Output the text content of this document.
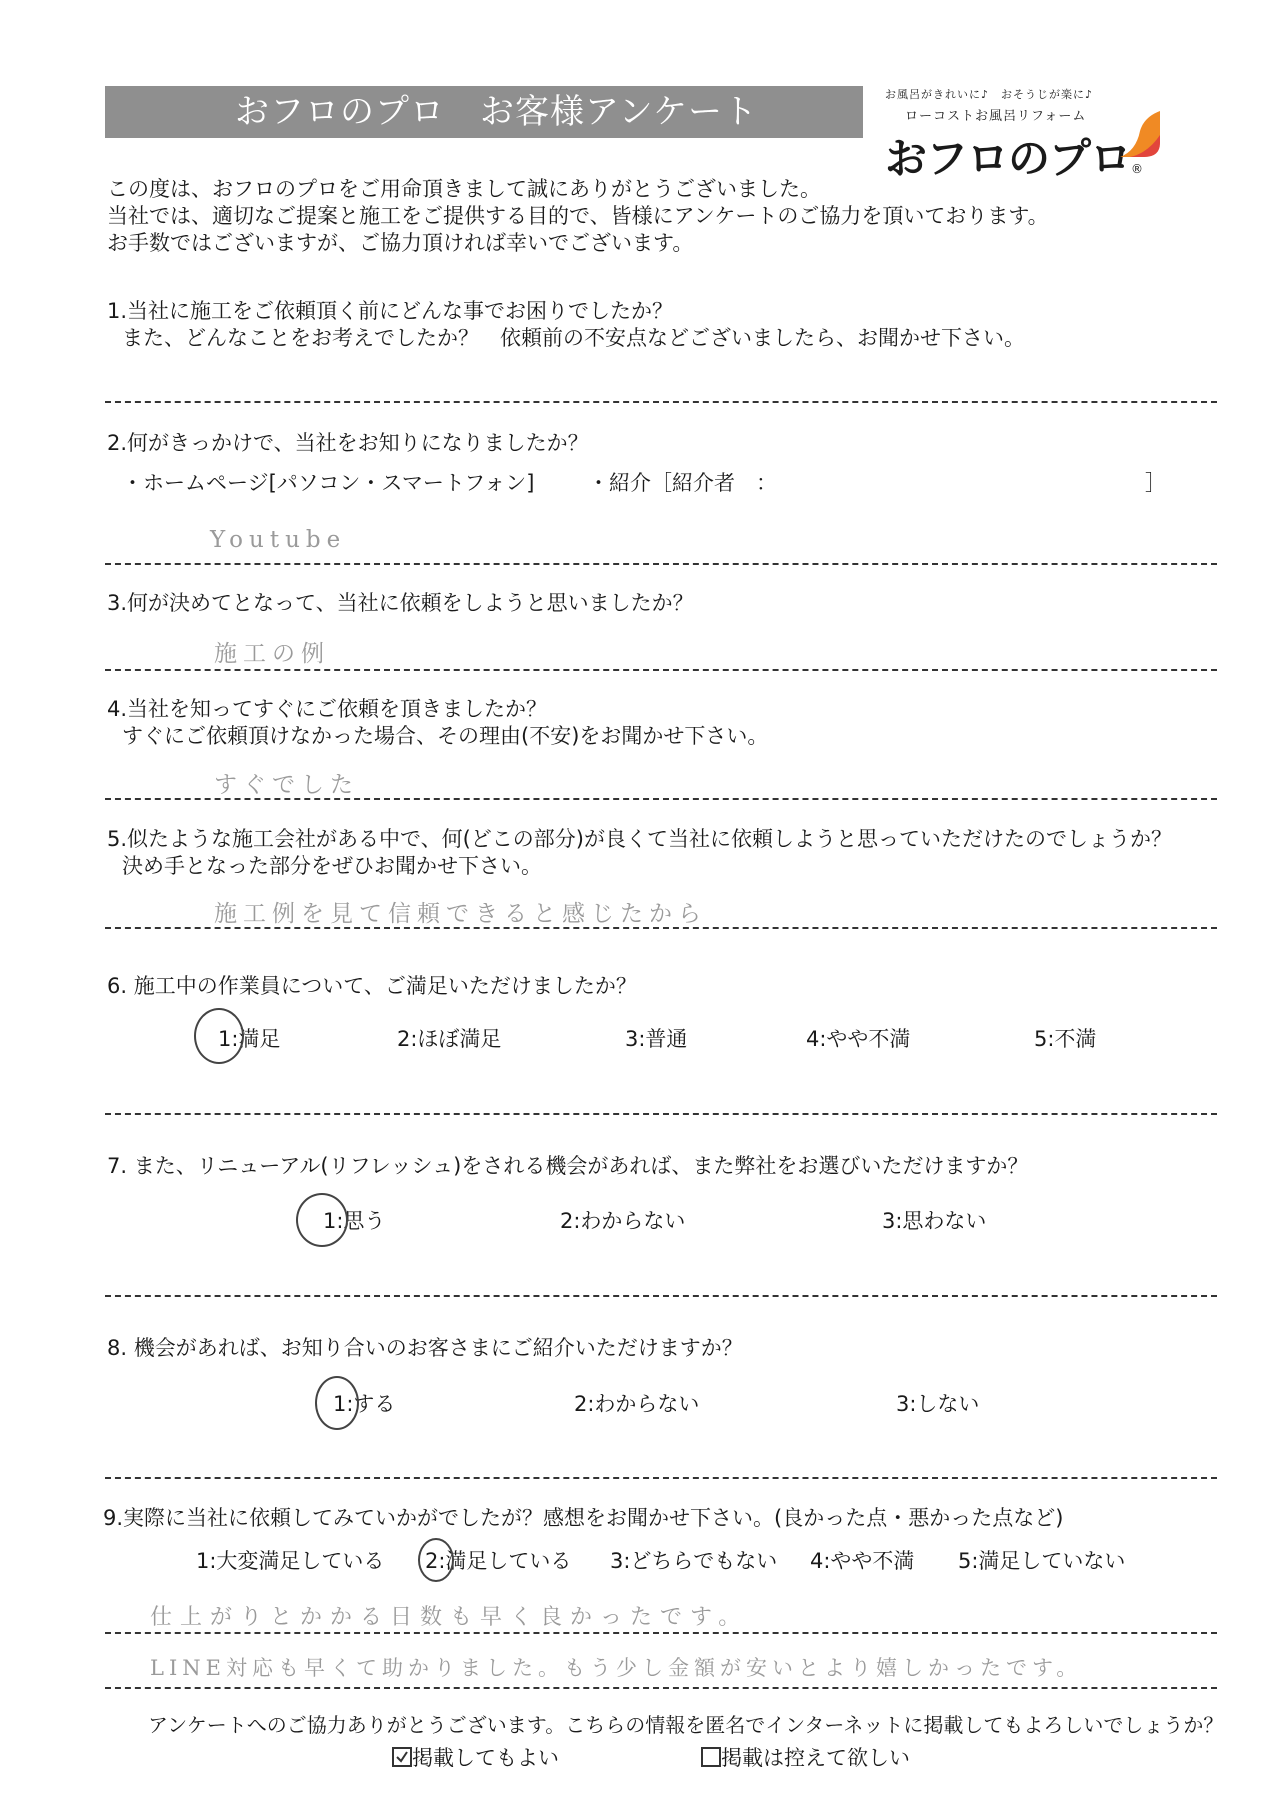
おフロのプロ　お客様アンケート	お風呂がきれいに♪　おそうじが楽に♪
ローコストお風呂リフォーム
おフロのプロ®
この度は、おフロのプロをご用命頂きまして誠にありがとうございました。
当社では、適切なご提案と施工をご提供する目的で、皆様にアンケートのご協力を頂いております。
お手数ではございますが、ご協力頂ければ幸いでございます。
1.当社に施工をご依頼頂く前にどんな事でお困りでしたか？
また、どんなことをお考えでしたか？　依頼前の不安点などございましたら、お聞かせ下さい。
2.何がきっかけで、当社をお知りになりましたか？
・ホームページ[パソコン・スマートフォン]	・紹介［紹介者　：	］
Youtube
3.何が決めてとなって、当社に依頼をしようと思いましたか？
施工の例
4.当社を知ってすぐにご依頼を頂きましたか？
すぐにご依頼頂けなかった場合、その理由(不安)をお聞かせ下さい。
すぐでした
5.似たような施工会社がある中で、何(どこの部分)が良くて当社に依頼しようと思っていただけたのでしょうか？
決め手となった部分をぜひお聞かせ下さい。
施工例を見て信頼できると感じたから
6. 施工中の作業員について、ご満足いただけましたか？
1:満足	2:ほぼ満足	3:普通	4:やや不満	5:不満
7. また、リニューアル(リフレッシュ)をされる機会があれば、また弊社をお選びいただけますか？
1:思う	2:わからない	3:思わない
8. 機会があれば、お知り合いのお客さまにご紹介いただけますか？
1:する	2:わからない	3:しない
9.実際に当社に依頼してみていかがでしたが？感想をお聞かせ下さい。(良かった点・悪かった点など)
1:大変満足している 2:満足している 3:どちらでもない 4:やや不満 5:満足していない
仕上がりとかかる日数も早く良かったです。
LINE対応も早くて助かりました。もう少し金額が安いとより嬉しかったです。
アンケートへのご協力ありがとうございます。こちらの情報を匿名でインターネットに掲載してもよろしいでしょうか？
掲載してもよい	掲載は控えて欲しい
